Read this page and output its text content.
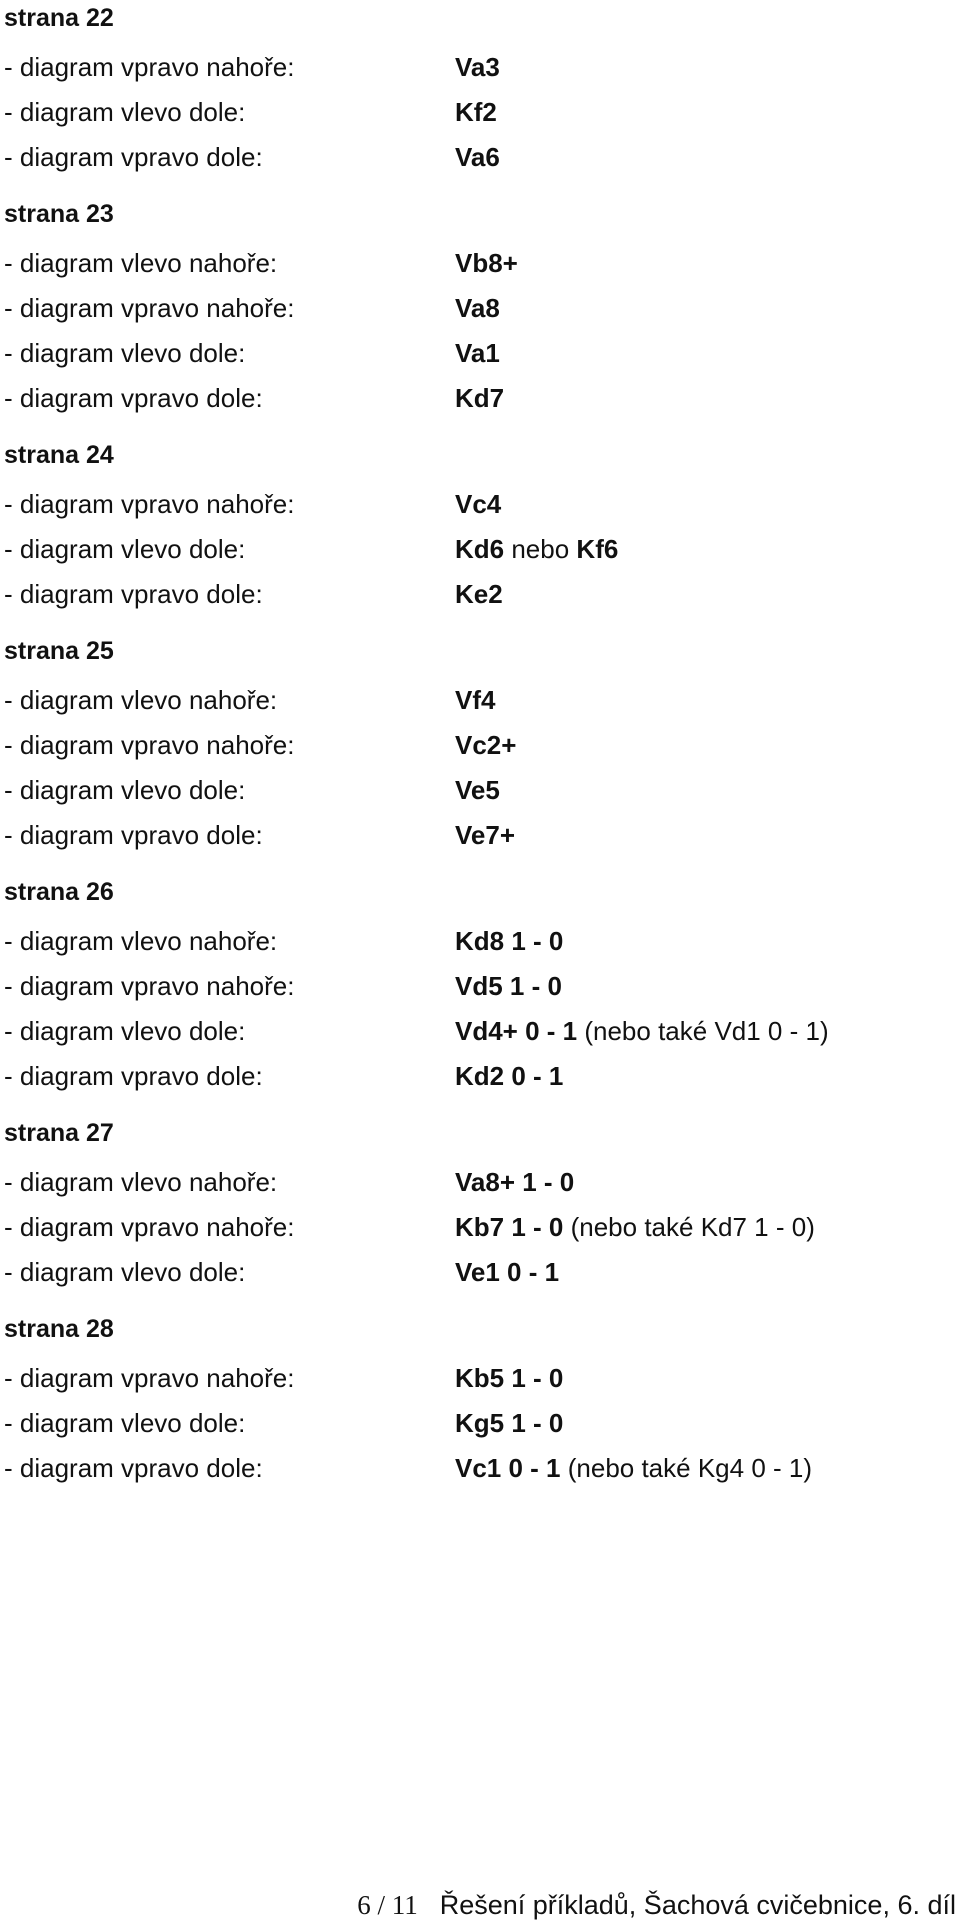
strana 22
- diagram vpravo nahoře:	Va3
- diagram vlevo dole:	Kf2
- diagram vpravo dole:	Va6
strana 23
- diagram vlevo nahoře:	Vb8+
- diagram vpravo nahoře:	Va8
- diagram vlevo dole:	Va1
- diagram vpravo dole:	Kd7
strana 24
- diagram vpravo nahoře:	Vc4
- diagram vlevo dole:	Kd6 nebo Kf6
- diagram vpravo dole:	Ke2
strana 25
- diagram vlevo nahoře:	Vf4
- diagram vpravo nahoře:	Vc2+
- diagram vlevo dole:	Ve5
- diagram vpravo dole:	Ve7+
strana 26
- diagram vlevo nahoře:	Kd8 1 - 0
- diagram vpravo nahoře:	Vd5 1 - 0
- diagram vlevo dole:	Vd4+ 0 - 1 (nebo také Vd1 0 - 1)
- diagram vpravo dole:	Kd2 0 - 1
strana 27
- diagram vlevo nahoře:	Va8+ 1 - 0
- diagram vpravo nahoře:	Kb7 1 - 0 (nebo také Kd7 1 - 0)
- diagram vlevo dole:	Ve1 0 - 1
strana 28
- diagram vpravo nahoře:	Kb5 1 - 0
- diagram vlevo dole:	Kg5 1 - 0
- diagram vpravo dole:	Vc1 0 - 1 (nebo také Kg4 0 - 1)
6 / 11 Řešení příkladů, Šachová cvičebnice, 6. díl
